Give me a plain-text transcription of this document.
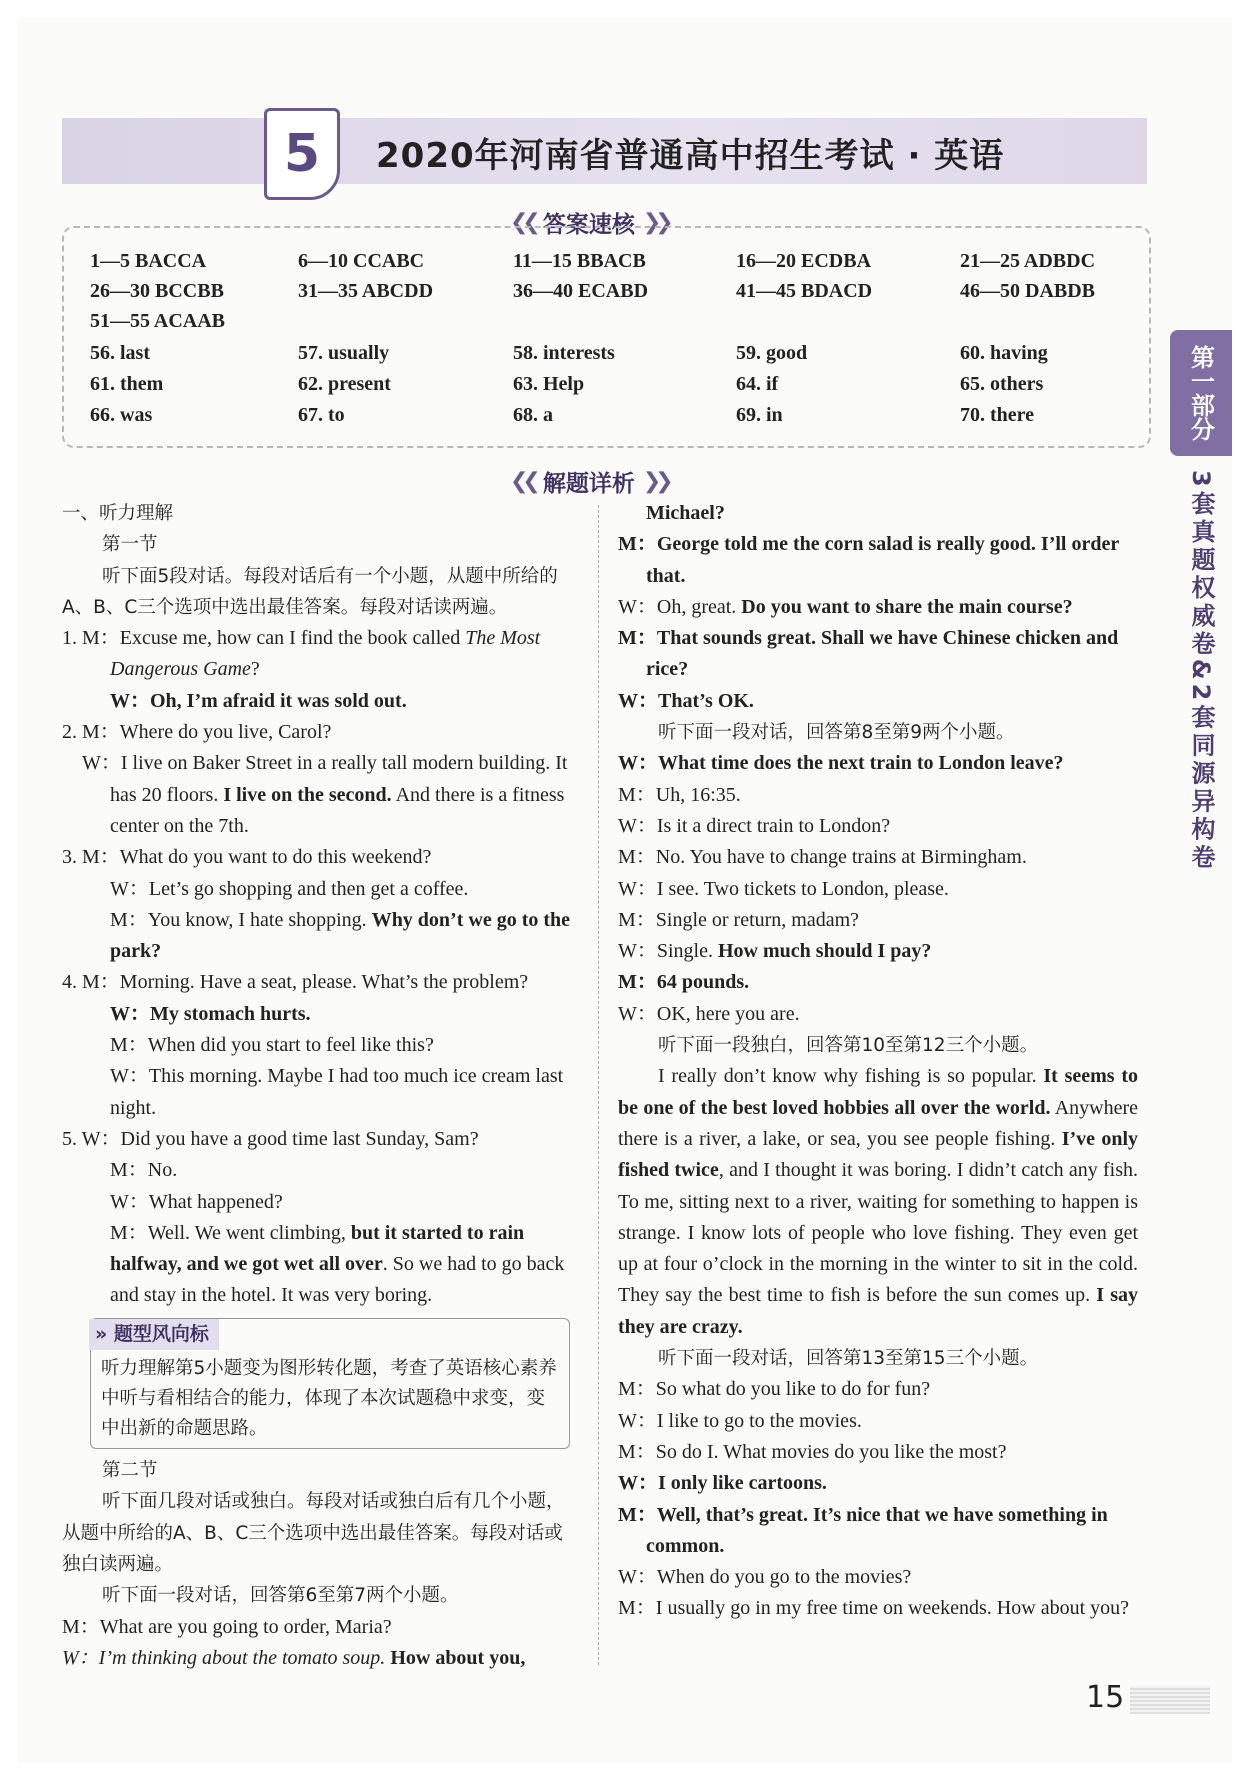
5	2020年河南省普通高中招生考试 · 英语
❮❮ 答案速核 ❯❯
1—5 BACCA	6—10 CCABC	11—15 BBACB	16—20 ECDBA	21—25 ADBDC
26—30 BCCBB	31—35 ABCDD	36—40 ECABD	41—45 BDACD	46—50 DABDB
51—55 ACAAB
56. last	57. usually	58. interests	59. good	60. having
61. them	62. present	63. Help	64. if	65. others
66. was	67. to	68. a	69. in	70. there	第一部分
3套真题权威卷&2套同源异构卷
❮❮ 解题详析 ❯❯

一、听力理解

第一节

听下面5段对话。每段对话后有一个小题，从题中所给的A、B、C三个选项中选出最佳答案。每段对话读两遍。

1. M：Excuse me, how can I find the book called The Most Dangerous Game?

W：Oh, I’m afraid it was sold out.

2. M：Where do you live, Carol?

W：I live on Baker Street in a really tall modern building. It has 20 floors. I live on the second. And there is a fitness center on the 7th.

3. M：What do you want to do this weekend?

W：Let’s go shopping and then get a coffee.

M：You know, I hate shopping. Why don’t we go to the park?

4. M：Morning. Have a seat, please. What’s the problem?

W：My stomach hurts.

M：When did you start to feel like this?

W：This morning. Maybe I had too much ice cream last night.

5. W：Did you have a good time last Sunday, Sam?

M：No.

W：What happened?

M：Well. We went climbing, but it started to rain halfway, and we got wet all over. So we had to go back and stay in the hotel. It was very boring.

» 题型风向标

听力理解第5小题变为图形转化题，考查了英语核心素养中听与看相结合的能力，体现了本次试题稳中求变，变中出新的命题思路。

第二节

听下面几段对话或独白。每段对话或独白后有几个小题，从题中所给的A、B、C三个选项中选出最佳答案。每段对话或独白读两遍。

听下面一段对话，回答第6至第7两个小题。

M：What are you going to order, Maria?

W：I’m thinking about the tomato soup. How about you,

Michael?

M：George told me the corn salad is really good. I’ll order that.

W：Oh, great. Do you want to share the main course?

M：That sounds great. Shall we have Chinese chicken and rice?

W：That’s OK.

听下面一段对话，回答第8至第9两个小题。

W：What time does the next train to London leave?

M：Uh, 16:35.

W：Is it a direct train to London?

M：No. You have to change trains at Birmingham.

W：I see. Two tickets to London, please.

M：Single or return, madam?

W：Single. How much should I pay?

M：64 pounds.

W：OK, here you are.

听下面一段独白，回答第10至第12三个小题。

I really don’t know why fishing is so popular. It seems to be one of the best loved hobbies all over the world. Anywhere there is a river, a lake, or sea, you see people fishing. I’ve only fished twice, and I thought it was boring. I didn’t catch any fish. To me, sitting next to a river, waiting for something to happen is strange. I know lots of people who love fishing. They even get up at four o’clock in the morning in the winter to sit in the cold. They say the best time to fish is before the sun comes up. I say they are crazy.

听下面一段对话，回答第13至第15三个小题。

M：So what do you like to do for fun?

W：I like to go to the movies.

M：So do I. What movies do you like the most?

W：I only like cartoons.

M：Well, that’s great. It’s nice that we have something in common.

W：When do you go to the movies?

M：I usually go in my free time on weekends. How about you?

15
